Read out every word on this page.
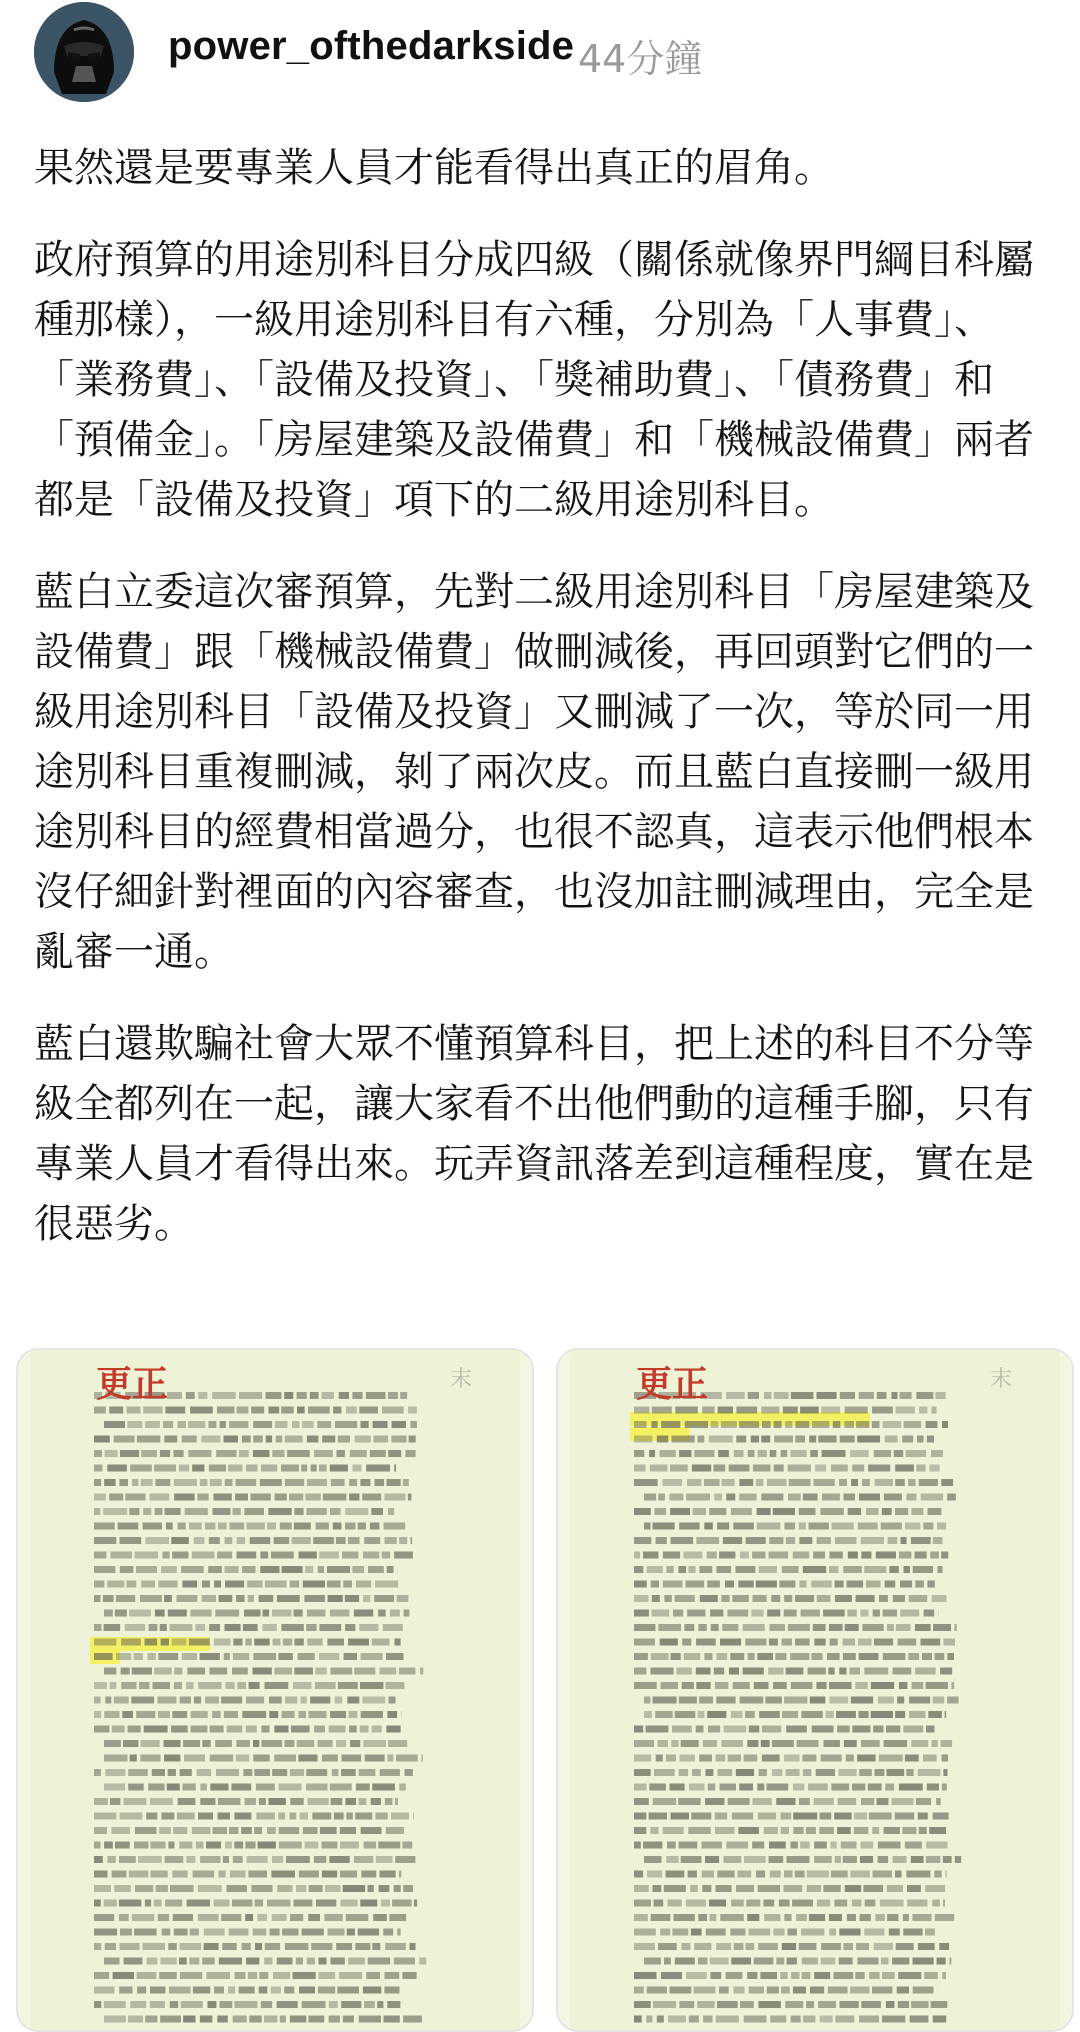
power_ofthedarkside 44分鐘

果然還是要專業人員才能看得出真正的眉角。

政府預算的用途別科目分成四級（關係就像界門綱目科屬種那樣），一級用途別科目有六種，分別為「人事費」、「業務費」、「設備及投資」、「獎補助費」、「債務費」和「預備金」。「房屋建築及設備費」和「機械設備費」兩者都是「設備及投資」項下的二級用途別科目。

藍白立委這次審預算，先對二級用途別科目「房屋建築及設備費」跟「機械設備費」做刪減後，再回頭對它們的一級用途別科目「設備及投資」又刪減了一次，等於同一用途別科目重複刪減，剝了兩次皮。而且藍白直接刪一級用途別科目的經費相當過分，也很不認真，這表示他們根本沒仔細針對裡面的內容審查，也沒加註刪減理由，完全是亂審一通。

藍白還欺騙社會大眾不懂預算科目，把上述的科目不分等級全都列在一起，讓大家看不出他們動的這種手腳，只有專業人員才看得出來。玩弄資訊落差到這種程度，實在是很惡劣。

更正	末	更正	末
